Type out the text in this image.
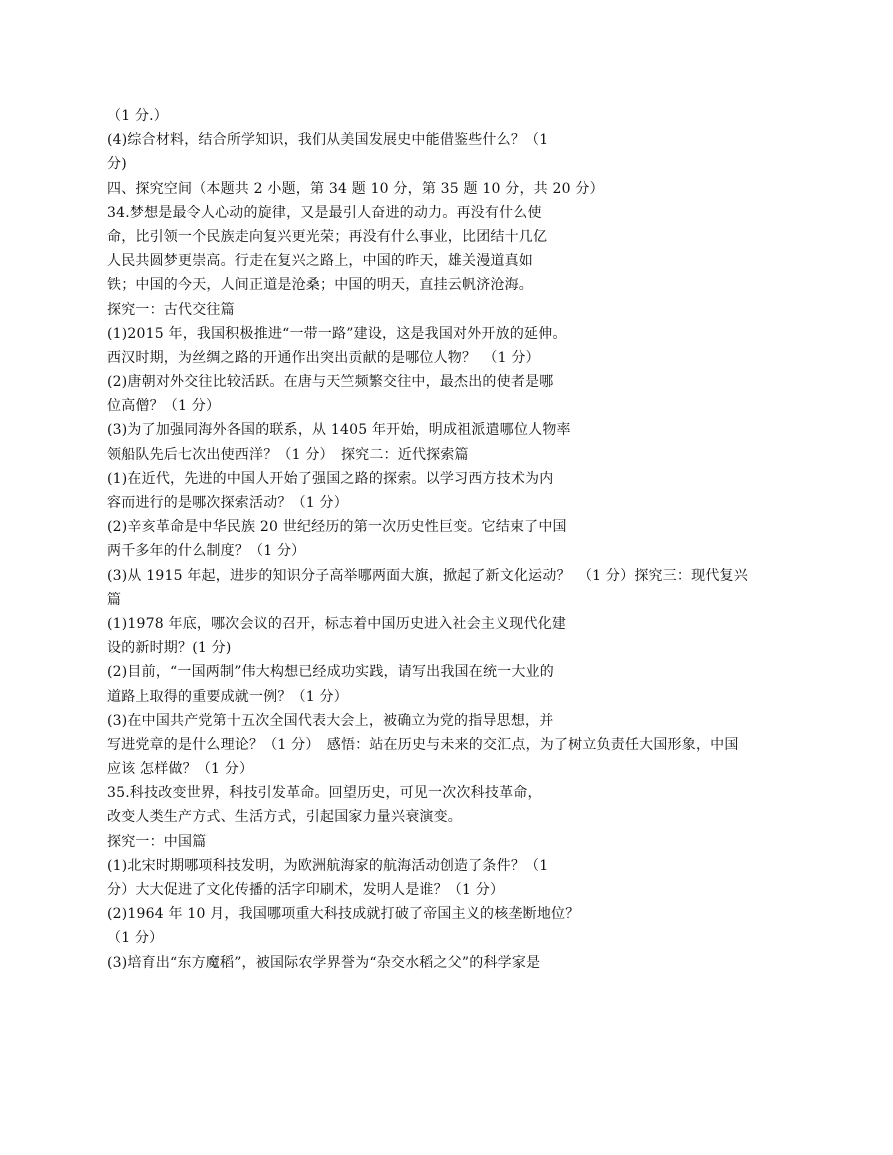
（1 分.）
(4)综合材料，结合所学知识，我们从美国发展史中能借鉴些什么？（1
分)
四、探究空间（本题共 2 小题，第 34 题 10 分，第 35 题 10 分，共 20 分）
34.梦想是最令人心动的旋律，又是最引人奋进的动力。再没有什么使
命，比引领一个民族走向复兴更光荣；再没有什么事业，比团结十几亿
人民共圆梦更崇高。行走在复兴之路上，中国的昨天，雄关漫道真如
铁；中国的今天，人间正道是沧桑；中国的明天，直挂云帆济沧海。
探究一：古代交往篇
(1)2015 年，我国积极推进“一带一路”建设，这是我国对外开放的延伸。
西汉时期，为丝绸之路的开通作出突出贡献的是哪位人物？　（1 分）
(2)唐朝对外交往比较活跃。在唐与天竺频繁交往中，最杰出的使者是哪
位高僧？（1 分）
(3)为了加强同海外各国的联系，从 1405 年开始，明成祖派遣哪位人物率
领船队先后七次出使西洋？（1 分）　探究二：近代探索篇
(1)在近代，先进的中国人开始了强国之路的探索。以学习西方技术为内
容而进行的是哪次探索活动？（1 分）
(2)辛亥革命是中华民族 20 世纪经历的第一次历史性巨变。它结束了中国
两千多年的什么制度？（1 分）
(3)从 1915 年起，进步的知识分子高举哪两面大旗，掀起了新文化运动？　（1 分）探究三：现代复兴
篇
(1)1978 年底，哪次会议的召开，标志着中国历史进入社会主义现代化建
设的新时期？(1 分)
(2)目前，“一国两制”伟大构想已经成功实践，请写出我国在统一大业的
道路上取得的重要成就一例？（1 分）
(3)在中国共产党第十五次全国代表大会上，被确立为党的指导思想，并
写进党章的是什么理论？（1 分）　感悟：站在历史与未来的交汇点，为了树立负责任大国形象，中国
应该 怎样做？（1 分）
35.科技改变世界，科技引发革命。回望历史，可见一次次科技革命，
改变人类生产方式、生活方式，引起国家力量兴衰演变。
探究一：中国篇
(1)北宋时期哪项科技发明，为欧洲航海家的航海活动创造了条件？（1
分）大大促进了文化传播的活字印刷术，发明人是谁？（1 分）
(2)1964 年 10 月，我国哪项重大科技成就打破了帝国主义的核垄断地位？
（1 分）
(3)培育出“东方魔稻”，被国际农学界誉为“杂交水稻之父”的科学家是
